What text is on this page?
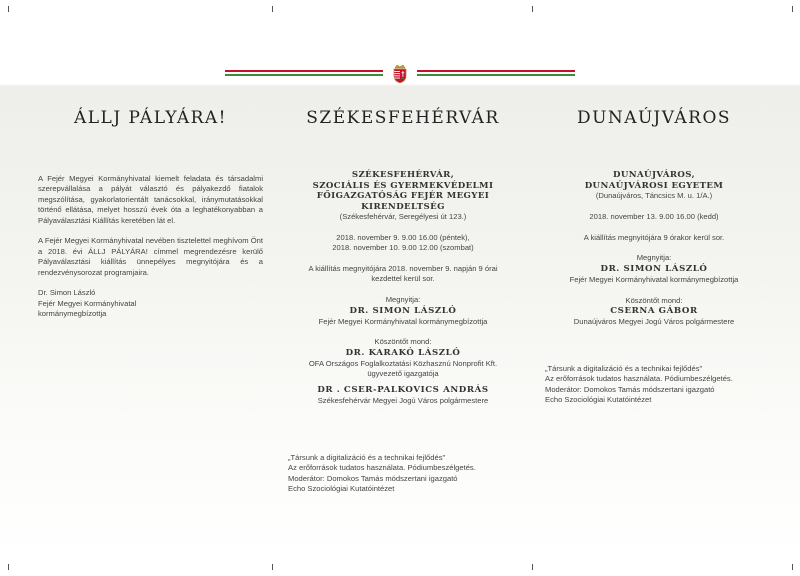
ÁLLJ PÁLYÁRA!

A Fejér Megyei Kormányhivatal kiemelt feladata és társadalmi szerepvállalása a pályát választó és pályakezdő fiatalok megszólítása, gyakorlatorientált tanácsokkal, iránymutatásokkal történő ellátása, melyet hosszú évek óta a leghatékonyabban a Pályaválasztási Kiállítás keretében lát el.

A Fejér Megyei Kormányhivatal nevében tisztelettel meghívom Önt a 2018. évi ÁLLJ PÁLYÁRA! címmel megrendezésre kerülő Pályaválasztási kiállítás ünnepélyes megnyitójára és a rendezvénysorozat programjaira.

Dr. Simon László

Fejér Megyei Kormányhivatal

kormánymegbízottja

SZÉKESFEHÉRVÁR

SZÉKESFEHÉRVÁR,

SZOCIÁLIS ÉS GYERMEKVÉDELMI

FŐIGAZGATÓSÁG FEJÉR MEGYEI

KIRENDELTSÉG

(Székesfehérvár, Seregélyesi út 123.)

2018. november 9. 9.00 16.00 (péntek),

2018. november 10. 9.00 12.00 (szombat)

A kiállítás megnyitójára 2018. november 9. napján 9 órai

kezdettel kerül sor.

Megnyitja:

DR. SIMON LÁSZLÓ

Fejér Megyei Kormányhivatal kormánymegbízottja

Köszöntőt mond:

DR. KARAKÓ LÁSZLÓ

OFA Országos Foglalkoztatási Közhasznú Nonprofit Kft.

ügyvezető igazgatója

DR . CSER-PALKOVICS ANDRÁS

Székesfehérvár Megyei Jogú Város polgármestere

„Társunk a digitalizáció és a technikai fejlődés"

Az erőforrások tudatos használata. Pódiumbeszélgetés.

Moderátor: Domokos Tamás módszertani igazgató

Echo Szociológiai Kutatóintézet

DUNAÚJVÁROS

DUNAÚJVÁROS,

DUNAÚJVÁROSI EGYETEM

(Dunaújváros, Táncsics M. u. 1/A.)

2018. november 13. 9.00 16.00 (kedd)

A kiállítás megnyitójára 9 órakor kerül sor.

Megnyitja:

DR. SIMON LÁSZLÓ

Fejér Megyei Kormányhivatal kormánymegbízottja

Köszöntőt mond:

CSERNA GÁBOR

Dunaújváros Megyei Jogú Város polgármestere

„Társunk a digitalizáció és a technikai fejlődés"

Az erőforrások tudatos használata. Pódiumbeszélgetés.

Moderátor: Domokos Tamás módszertani igazgató

Echo Szociológiai Kutatóintézet
